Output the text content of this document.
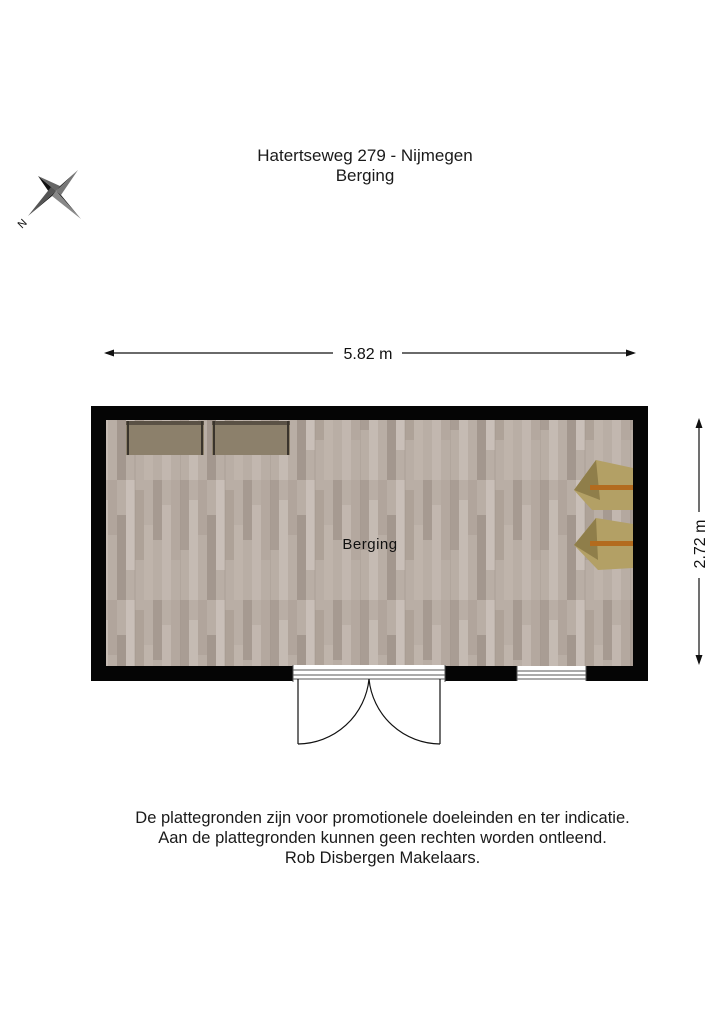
Hatertseweg 279 - Nijmegen
Berging
N
5.82 m
2.72 m
Berging
De plattegronden zijn voor promotionele doeleinden en ter indicatie.
Aan de plattegronden kunnen geen rechten worden ontleend.
Rob Disbergen Makelaars.
